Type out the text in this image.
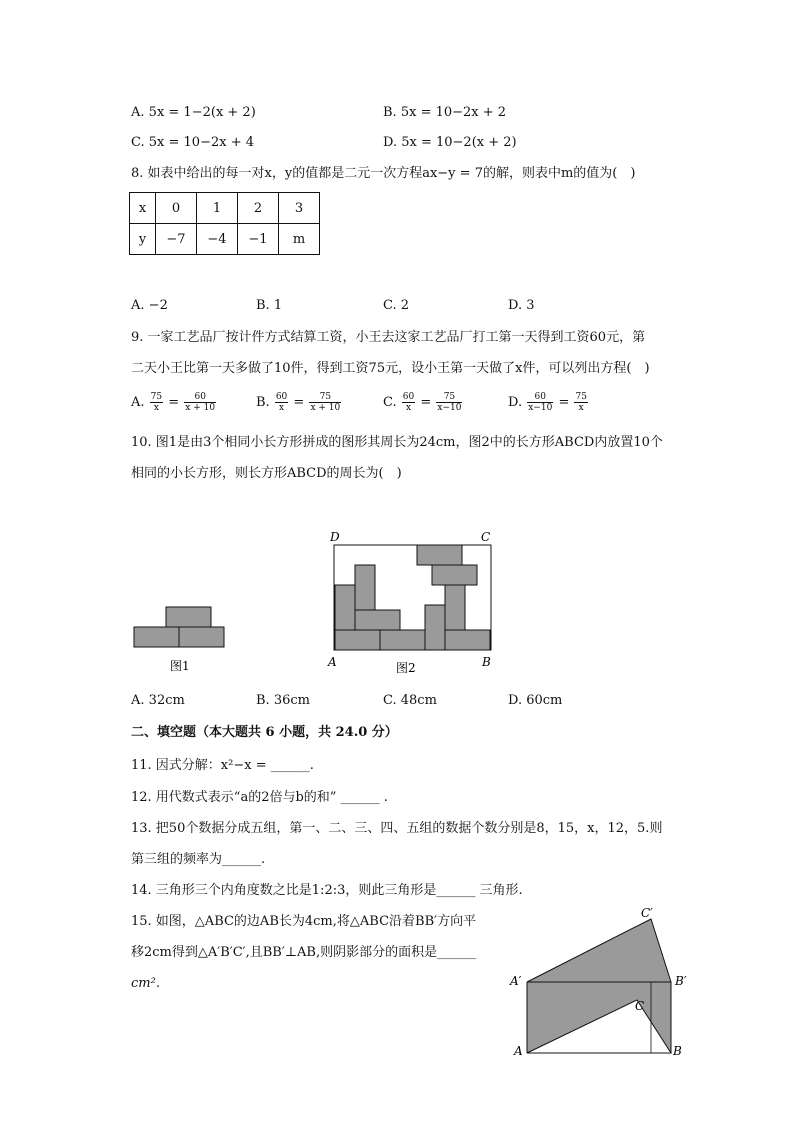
A. 5x = 1−2(x + 2)	B. 5x = 10−2x + 2
C. 5x = 10−2x + 4	D. 5x = 10−2(x + 2)
8. 如表中给出的每一对x，y的值都是二元一次方程ax−y = 7的解，则表中m的值为(　)
x	0	1	2	3
y	−7	−4	−1	m
A. −2	B. 1	C. 2	D. 3
9. 一家工艺品厂按计件方式结算工资，小王去这家工艺品厂打工第一天得到工资60元，第
二天小王比第一天多做了10件，得到工资75元，设小王第一天做了x件，可以列出方程(　)
A. $\frac{75}{x} = \frac{60}{x + 10}$	B. $\frac{60}{x} = \frac{75}{x + 10}$	C. $\frac{60}{x} = \frac{75}{x-10}$	D. $\frac{60}{x-10} = \frac{75}{x}$
10. 图1是由3个相同小长方形拼成的图形其周长为24cm，图2中的长方形ABCD内放置10个
相同的小长方形，则长方形ABCD的周长为(　)
图1
D	C
A	B
图2
A. 32cm	B. 36cm	C. 48cm	D. 60cm
二、填空题（本大题共 6 小题，共 24.0 分）
11. 因式分解：x²−x = ______.
12. 用代数式表示“a的2倍与b的和” ______ .
13. 把50个数据分成五组，第一、二、三、四、五组的数据个数分别是8，15，x，12，5.则
第三组的频率为______.
14. 三角形三个内角度数之比是1:2:3，则此三角形是______ 三角形.
15. 如图，△ABC的边AB长为4cm,将△ABC沿着BB′方向平
移2cm得到△A′B′C′,且BB′⊥AB,则阴影部分的面积是______
cm².
C′
A′	B′
C
A	B
